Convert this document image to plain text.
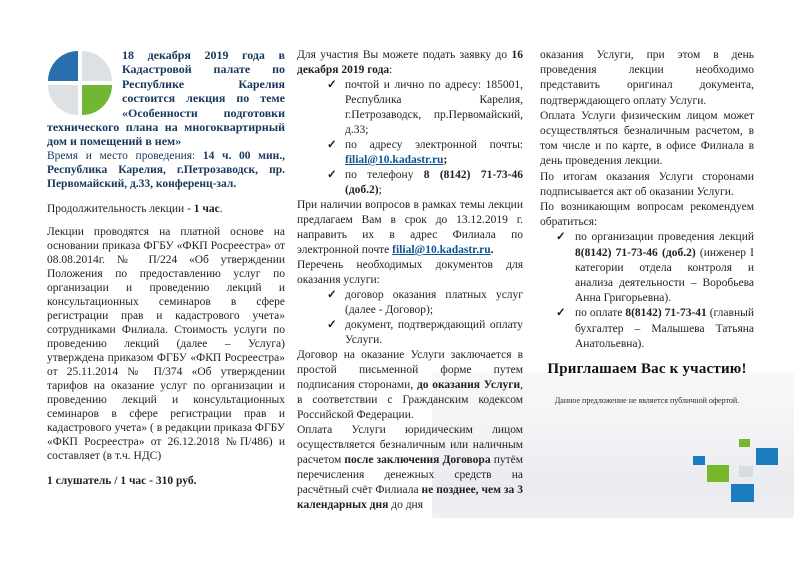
18 декабря 2019 года в Кадастровой палате по Республике Карелия состоится лекция по теме «Особенности подготовки технического плана на многоквартирный дом и помещений в нем»

Время и место проведения: 14 ч. 00 мин., Республика Карелия, г.Петрозаводск, пр. Первомайский, д.33, конференц-зал.

Продолжительность лекции - 1 час.

Лекции проводятся на платной основе на основании приказа ФГБУ «ФКП Росреестра» от 08.08.2014г. № П/224 «Об утверждении Положения по предоставлению услуг по организации и проведению лекций и консультационных семинаров в сфере регистрации прав и кадастрового учета» сотрудниками Филиала. Стоимость услуги по проведению лекций (далее – Услуга) утверждена приказом ФГБУ «ФКП Росреестра» от 25.11.2014 № П/374 «Об утверждении тарифов на оказание услуг по организации и проведению лекций и консультационных семинаров в сфере регистрации прав и кадастрового учета» ( в редакции приказа ФГБУ «ФКП Росреестра» от 26.12.2018 №П/486) и составляет (в т.ч. НДС)

1 слушатель / 1 час - 310 руб.

Для участия Вы можете подать заявку до 16 декабря 2019 года:

✓ почтой и лично по адресу: 185001, Республика Карелия, г.Петрозаводск, пр.Первомайский, д.33;
✓ по адресу электронной почты: filial@10.kadastr.ru;
✓ по телефону 8 (8142) 71-73-46 (доб.2);

При наличии вопросов в рамках темы лекции предлагаем Вам в срок до 13.12.2019 г. направить их в адрес Филиала по электронной почте filial@10.kadastr.ru.

Перечень необходимых документов для оказания услуги:

✓ договор оказания платных услуг (далее - Договор);
✓ документ, подтверждающий оплату Услуги.

Договор на оказание Услуги заключается в простой письменной форме путем подписания сторонами, до оказания Услуги, в соответствии с Гражданским кодексом Российской Федерации.

Оплата Услуги юридическим лицом осуществляется безналичным или наличным расчетом после заключения Договора путём перечисления денежных средств на расчётный счёт Филиала не позднее, чем за 3 календарных дня до дня

оказания Услуги, при этом в день проведения лекции необходимо представить оригинал документа, подтверждающего оплату Услуги.

Оплата Услуги физическим лицом может осуществляться безналичным расчетом, в том числе и по карте, в офисе Филиала в день проведения лекции.

По итогам оказания Услуги сторонами подписывается акт об оказании Услуги.

По возникающим вопросам рекомендуем обратиться:

✓ по организации проведения лекций 8(8142) 71-73-46 (доб.2) (инженер I категории отдела контроля и анализа деятельности – Воробьева Анна Григорьевна).
✓ по оплате 8(8142) 71-73-41 (главный бухгалтер – Малышева Татьяна Анатольевна).

Приглашаем Вас к участию!

Данное предложение не является публичной офертой.
